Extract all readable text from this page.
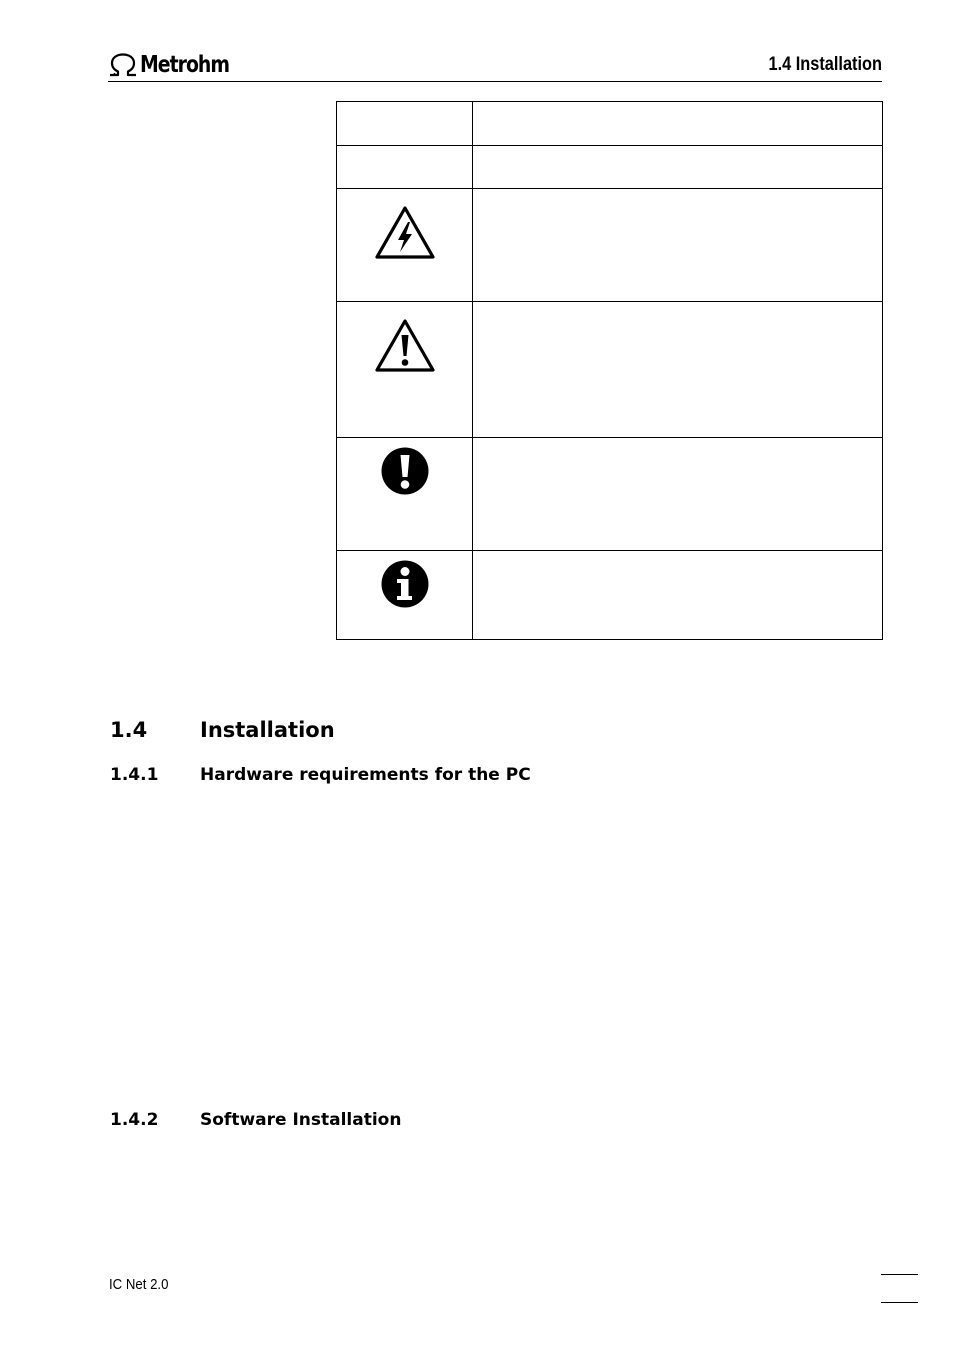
Metrohm	1.4 Installation

1.4	Installation
1.4.1 Hardware requirements for the PC
1.4.2 Software Installation
IC Net 2.0
